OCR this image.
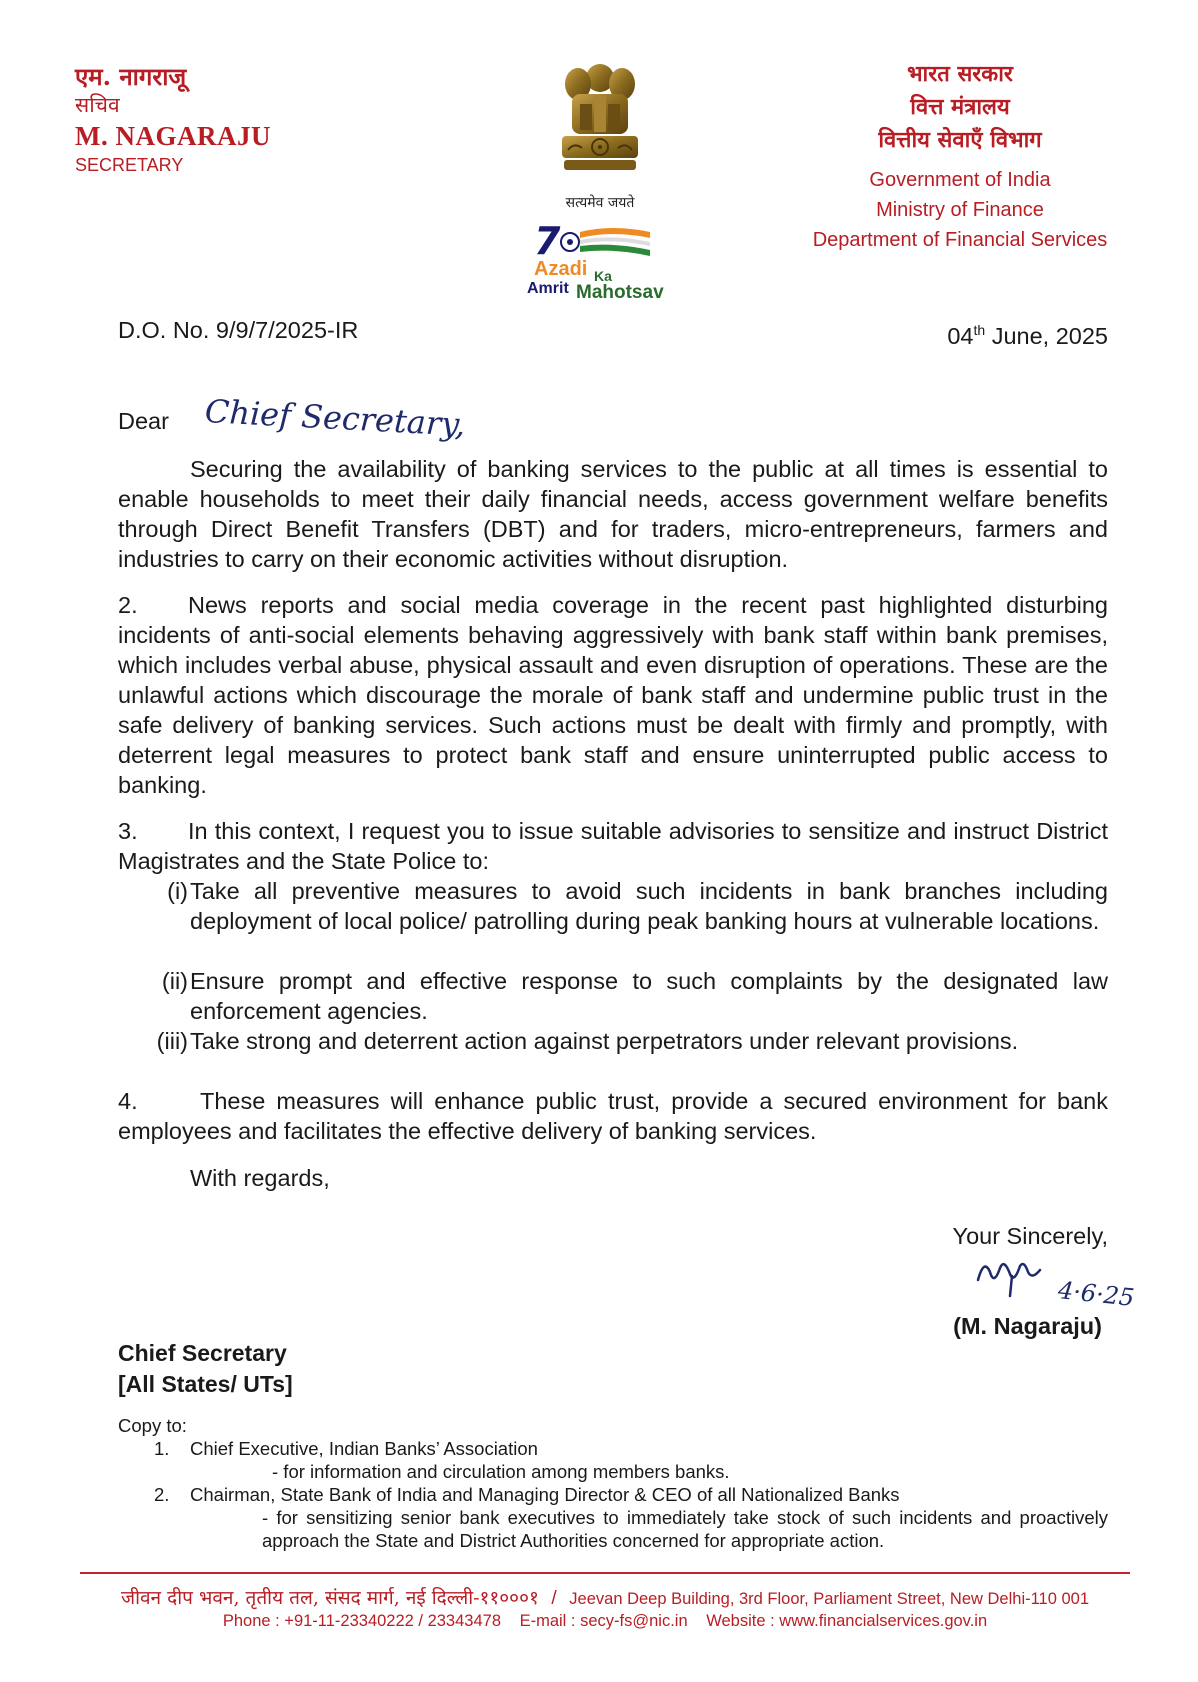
एम. नागराजू
सचिव
M. NAGARAJU
SECRETARY
सत्यमेव जयते
7
Azadi Ka
Amrit Mahotsav
भारत सरकार
वित्त मंत्रालय
वित्तीय सेवाएँ विभाग
Government of India
Ministry of Finance
Department of Financial Services
D.O. No. 9/9/7/2025-IR	04th June, 2025
Dear Chief Secretary,
Securing the availability of banking services to the public at all times is essential to enable households to meet their daily financial needs, access government welfare benefits through Direct Benefit Transfers (DBT) and for traders, micro-entrepreneurs, farmers and industries to carry on their economic activities without disruption.
2. News reports and social media coverage in the recent past highlighted disturbing incidents of anti-social elements behaving aggressively with bank staff within bank premises, which includes verbal abuse, physical assault and even disruption of operations. These are the unlawful actions which discourage the morale of bank staff and undermine public trust in the safe delivery of banking services. Such actions must be dealt with firmly and promptly, with deterrent legal measures to protect bank staff and ensure uninterrupted public access to banking.
3. In this context, I request you to issue suitable advisories to sensitize and instruct District Magistrates and the State Police to:
(i) Take all preventive measures to avoid such incidents in bank branches including deployment of local police/ patrolling during peak banking hours at vulnerable locations.
(ii) Ensure prompt and effective response to such complaints by the designated law enforcement agencies.
(iii) Take strong and deterrent action against perpetrators under relevant provisions.
4.	These measures will enhance public trust, provide a secured environment for bank employees and facilitates the effective delivery of banking services.
With regards,
Your Sincerely,
4·6·25
(M. Nagaraju)
Chief Secretary
[All States/ UTs]
Copy to:
1. Chief Executive, Indian Banks’ Association
- for information and circulation among members banks.
2. Chairman, State Bank of India and Managing Director & CEO of all Nationalized Banks
- for sensitizing senior bank executives to immediately take stock of such incidents and proactively approach the State and District Authorities concerned for appropriate action.
जीवन दीप भवन, तृतीय तल, संसद मार्ग, नई दिल्ली-११०००१ / Jeevan Deep Building, 3rd Floor, Parliament Street, New Delhi-110 001
Phone : +91-11-23340222 / 23343478 E-mail : secy-fs@nic.in Website : www.financialservices.gov.in
